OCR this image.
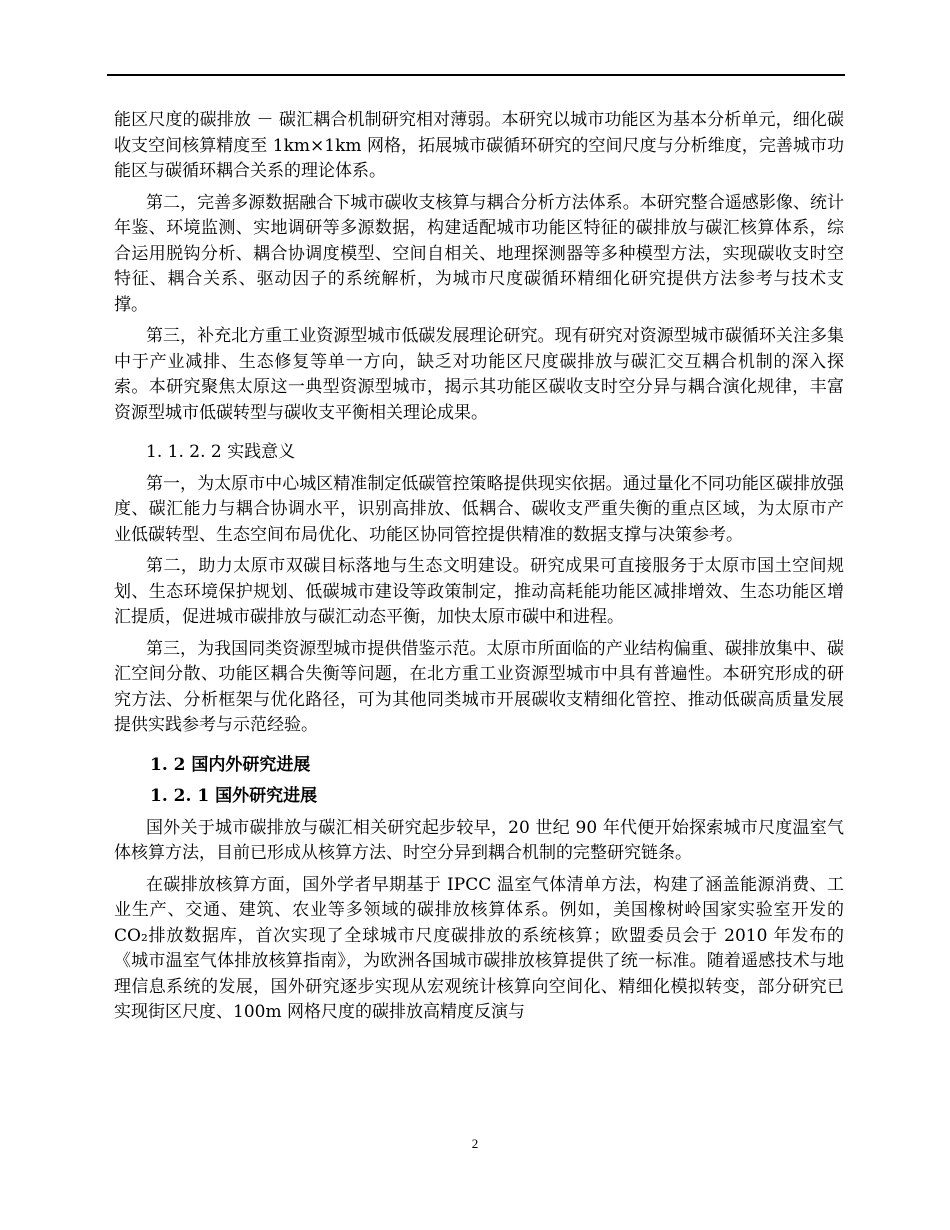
能区尺度的碳排放 － 碳汇耦合机制研究相对薄弱。本研究以城市功能区为基本分析单元，细化碳收支空间核算精度至 1km×1km 网格，拓展城市碳循环研究的空间尺度与分析维度，完善城市功能区与碳循环耦合关系的理论体系。

第二，完善多源数据融合下城市碳收支核算与耦合分析方法体系。本研究整合遥感影像、统计年鉴、环境监测、实地调研等多源数据，构建适配城市功能区特征的碳排放与碳汇核算体系，综合运用脱钩分析、耦合协调度模型、空间自相关、地理探测器等多种模型方法，实现碳收支时空特征、耦合关系、驱动因子的系统解析，为城市尺度碳循环精细化研究提供方法参考与技术支撑。

第三，补充北方重工业资源型城市低碳发展理论研究。现有研究对资源型城市碳循环关注多集中于产业减排、生态修复等单一方向，缺乏对功能区尺度碳排放与碳汇交互耦合机制的深入探索。本研究聚焦太原这一典型资源型城市，揭示其功能区碳收支时空分异与耦合演化规律，丰富资源型城市低碳转型与碳收支平衡相关理论成果。

1. 1. 2. 2 实践意义

第一，为太原市中心城区精准制定低碳管控策略提供现实依据。通过量化不同功能区碳排放强度、碳汇能力与耦合协调水平，识别高排放、低耦合、碳收支严重失衡的重点区域，为太原市产业低碳转型、生态空间布局优化、功能区协同管控提供精准的数据支撑与决策参考。

第二，助力太原市双碳目标落地与生态文明建设。研究成果可直接服务于太原市国土空间规划、生态环境保护规划、低碳城市建设等政策制定，推动高耗能功能区减排增效、生态功能区增汇提质，促进城市碳排放与碳汇动态平衡，加快太原市碳中和进程。

第三，为我国同类资源型城市提供借鉴示范。太原市所面临的产业结构偏重、碳排放集中、碳汇空间分散、功能区耦合失衡等问题，在北方重工业资源型城市中具有普遍性。本研究形成的研究方法、分析框架与优化路径，可为其他同类城市开展碳收支精细化管控、推动低碳高质量发展提供实践参考与示范经验。

1. 2 国内外研究进展

1. 2. 1 国外研究进展

国外关于城市碳排放与碳汇相关研究起步较早，20 世纪 90 年代便开始探索城市尺度温室气体核算方法，目前已形成从核算方法、时空分异到耦合机制的完整研究链条。

在碳排放核算方面，国外学者早期基于 IPCC 温室气体清单方法，构建了涵盖能源消费、工业生产、交通、建筑、农业等多领域的碳排放核算体系。例如，美国橡树岭国家实验室开发的 CO₂排放数据库，首次实现了全球城市尺度碳排放的系统核算；欧盟委员会于 2010 年发布的《城市温室气体排放核算指南》，为欧洲各国城市碳排放核算提供了统一标准。随着遥感技术与地理信息系统的发展，国外研究逐步实现从宏观统计核算向空间化、精细化模拟转变，部分研究已实现街区尺度、100m 网格尺度的碳排放高精度反演与

2
